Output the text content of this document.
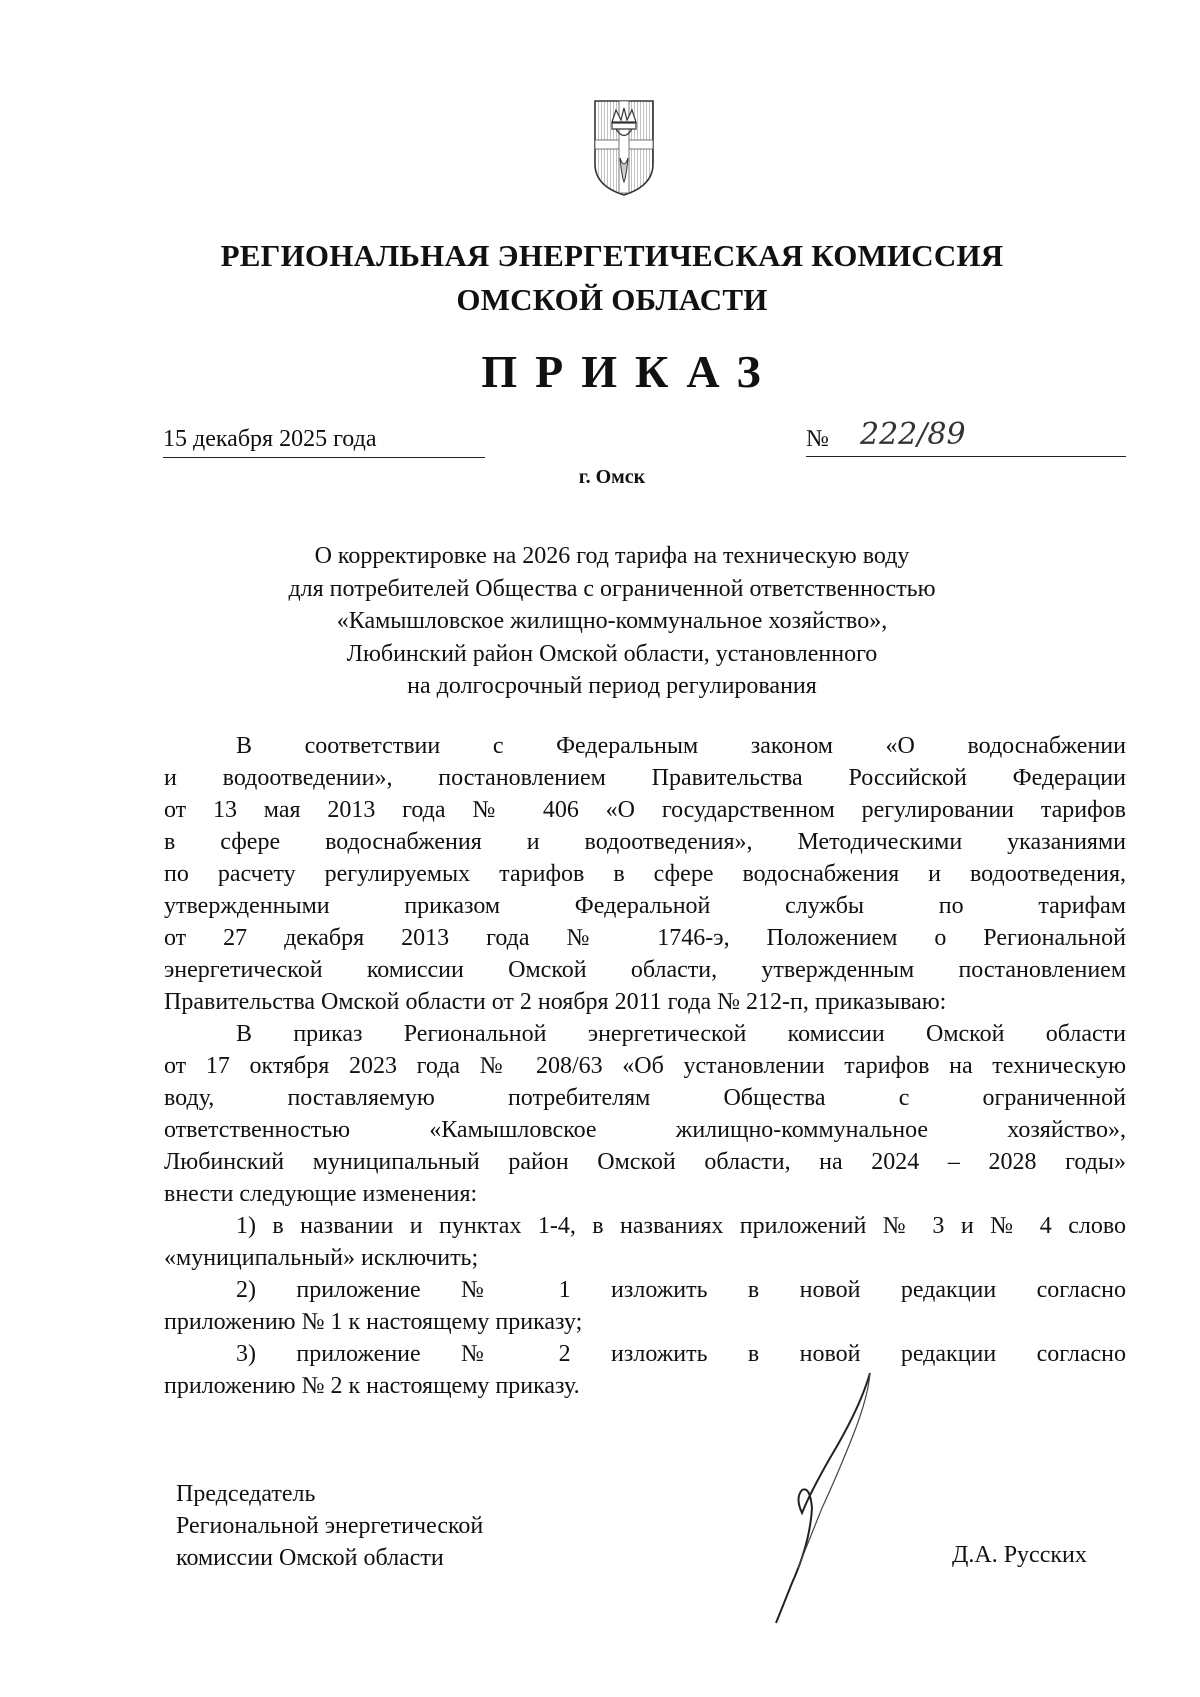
РЕГИОНАЛЬНАЯ ЭНЕРГЕТИЧЕСКАЯ КОМИССИЯ
ОМСКОЙ ОБЛАСТИ
ПРИКАЗ
15 декабря 2025 года	№ 222/89
г. Омск
О корректировке на 2026 год тарифа на техническую воду
для потребителей Общества с ограниченной ответственностью
«Камышловское жилищно-коммунальное хозяйство»,
Любинский район Омской области, установленного
на долгосрочный период регулирования
В соответствии с Федеральным законом «О водоснабжении
и водоотведении», постановлением Правительства Российской Федерации
от 13 мая 2013 года № 406 «О государственном регулировании тарифов
в сфере водоснабжения и водоотведения», Методическими указаниями
по расчету регулируемых тарифов в сфере водоснабжения и водоотведения,
утвержденными приказом Федеральной службы по тарифам
от 27 декабря 2013 года № 1746-э, Положением о Региональной
энергетической комиссии Омской области, утвержденным постановлением
Правительства Омской области от 2 ноября 2011 года № 212-п, приказываю:
В приказ Региональной энергетической комиссии Омской области
от 17 октября 2023 года № 208/63 «Об установлении тарифов на техническую
воду, поставляемую потребителям Общества с ограниченной
ответственностью «Камышловское жилищно-коммунальное хозяйство»,
Любинский муниципальный район Омской области, на 2024 – 2028 годы»
внести следующие изменения:
1) в названии и пунктах 1-4, в названиях приложений № 3 и № 4 слово
«муниципальный» исключить;
2) приложение № 1 изложить в новой редакции согласно
приложению № 1 к настоящему приказу;
3) приложение № 2 изложить в новой редакции согласно
приложению № 2 к настоящему приказу.
Председатель
Региональной энергетической
комиссии Омской области	Д.А. Русских
